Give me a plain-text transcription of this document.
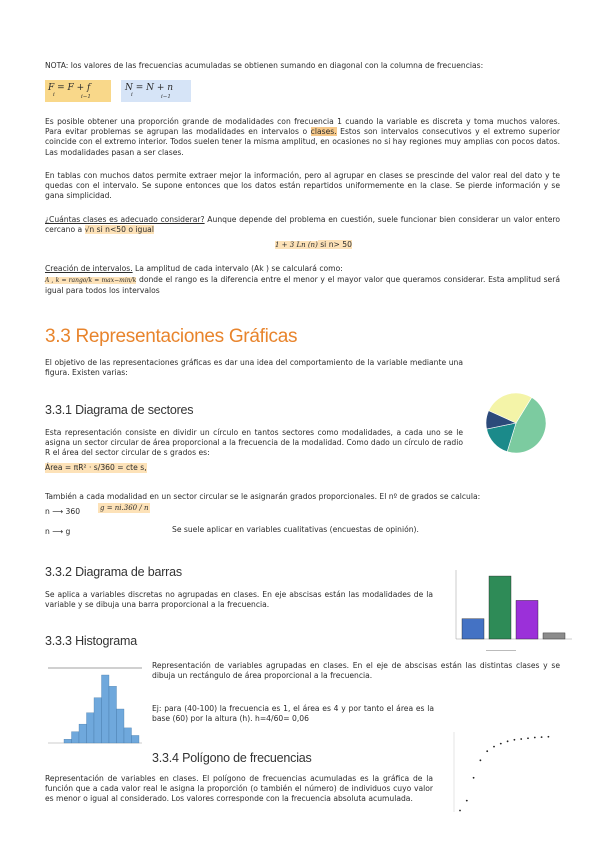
NOTA: los valores de las frecuencias acumuladas se obtienen sumando en diagonal con la columna de frecuencias:

F = F + f
i	i−1
N = N + n
i	i−1

Es posible obtener una proporción grande de modalidades con frecuencia 1 cuando la variable es discreta y toma muchos valores. Para evitar problemas se agrupan las modalidades en intervalos o clases. Estos son intervalos consecutivos y el extremo superior coincide con el extremo interior. Todos suelen tener la misma amplitud, en ocasiones no si hay regiones muy amplias con pocos datos. Las modalidades pasan a ser clases.

En tablas con muchos datos permite extraer mejor la información, pero al agrupar en clases se prescinde del valor real del dato y te quedas con el intervalo. Se supone entonces que los datos están repartidos uniformemente en la clase. Se pierde información y se gana simplicidad.

¿Cuántas clases es adecuado considerar? Aunque depende del problema en cuestión, suele funcionar bien considerar un valor entero cercano a √n si n<50 o igual

1 + 3 Ln (n) si n> 50

Creación de intervalos. La amplitud de cada intervalo (Ak ) se calculará como:

A , k = rango/k = max−min/k donde el rango es la diferencia entre el menor y el mayor valor que queramos considerar. Esta amplitud será igual para todos los intervalos

3.3 Representaciones Gráficas

El objetivo de las representaciones gráficas es dar una idea del comportamiento de la variable mediante una figura. Existen varias:

3.3.1 Diagrama de sectores

Esta representación consiste en dividir un círculo en tantos sectores como modalidades, a cada uno se le asigna un sector circular de área proporcional a la frecuencia de la modalidad. Como dado un círculo de radio R el área del sector circular de s grados es:

Área = πR² · s/360 = cte s,

También a cada modalidad en un sector circular se le asignarán grados proporcionales. El nº de grados se calcula:

n ⟶ 360	g = ni.360 / n
n ⟶ g	Se suele aplicar en variables cualitativas (encuestas de opinión).
3.3.2 Diagrama de barras

Se aplica a variables discretas no agrupadas en clases. En eje abscisas están las modalidades de la variable y se dibuja una barra proporcional a la frecuencia.

3.3.3 Histograma

Representación de variables agrupadas en clases. En el eje de abscisas están las distintas clases y se dibuja un rectángulo de área proporcional a la frecuencia.

Ej: para (40-100) la frecuencia es 1, el área es 4 y por tanto el área es la base (60) por la altura (h). h=4/60= 0,06

3.3.4 Polígono de frecuencias

Representación de variables en clases. El polígono de frecuencias acumuladas es la gráfica de la función que a cada valor real le asigna la proporción (o también el número) de individuos cuyo valor es menor o igual al considerado. Los valores corresponde con la frecuencia absoluta acumulada.
